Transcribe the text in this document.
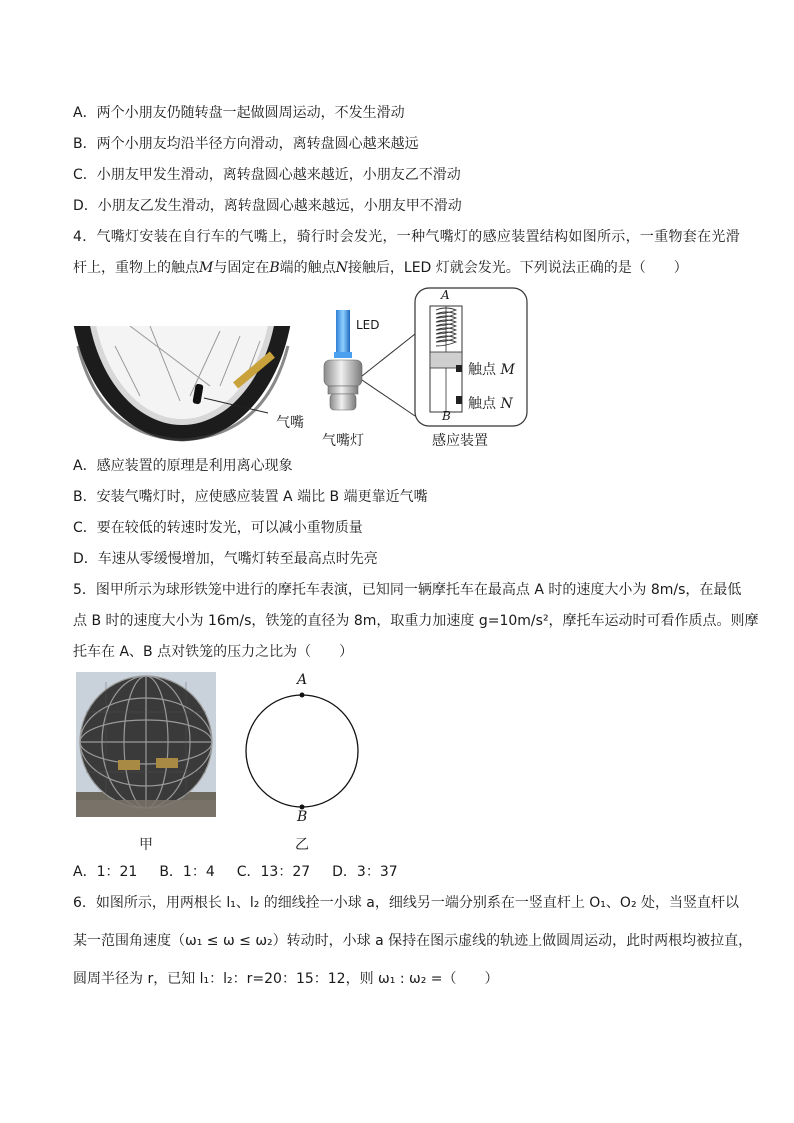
A．两个小朋友仍随转盘一起做圆周运动，不发生滑动
B．两个小朋友均沿半径方向滑动，离转盘圆心越来越远
C．小朋友甲发生滑动，离转盘圆心越来越近，小朋友乙不滑动
D．小朋友乙发生滑动，离转盘圆心越来越远，小朋友甲不滑动
4．气嘴灯安装在自行车的气嘴上，骑行时会发光，一种气嘴灯的感应装置结构如图所示，一重物套在光滑
杆上，重物上的触点M与固定在B端的触点N接触后，LED 灯就会发光。下列说法正确的是（　　）
气嘴
LED
气嘴灯
A
B
触点 M
触点 N
感应装置
A．感应装置的原理是利用离心现象
B．安装气嘴灯时，应使感应装置 A 端比 B 端更靠近气嘴
C．要在较低的转速时发光，可以减小重物质量
D．车速从零缓慢增加，气嘴灯转至最高点时先亮
5．图甲所示为球形铁笼中进行的摩托车表演，已知同一辆摩托车在最高点 A 时的速度大小为 8m/s，在最低
点 B 时的速度大小为 16m/s，铁笼的直径为 8m，取重力加速度 g=10m/s²，摩托车运动时可看作质点。则摩
托车在 A、B 点对铁笼的压力之比为（　　）
甲
A
B
乙
A．1：21 B．1：4 C．13：27 D．3：37
6．如图所示，用两根长 l₁、l₂ 的细线拴一小球 a，细线另一端分别系在一竖直杆上 O₁、O₂ 处，当竖直杆以
某一范围角速度（ω₁ ≤ ω ≤ ω₂）转动时，小球 a 保持在图示虚线的轨迹上做圆周运动，此时两根均被拉直，
圆周半径为 r，已知 l₁：l₂：r=20：15：12，则 ω₁ : ω₂ =（　　）
